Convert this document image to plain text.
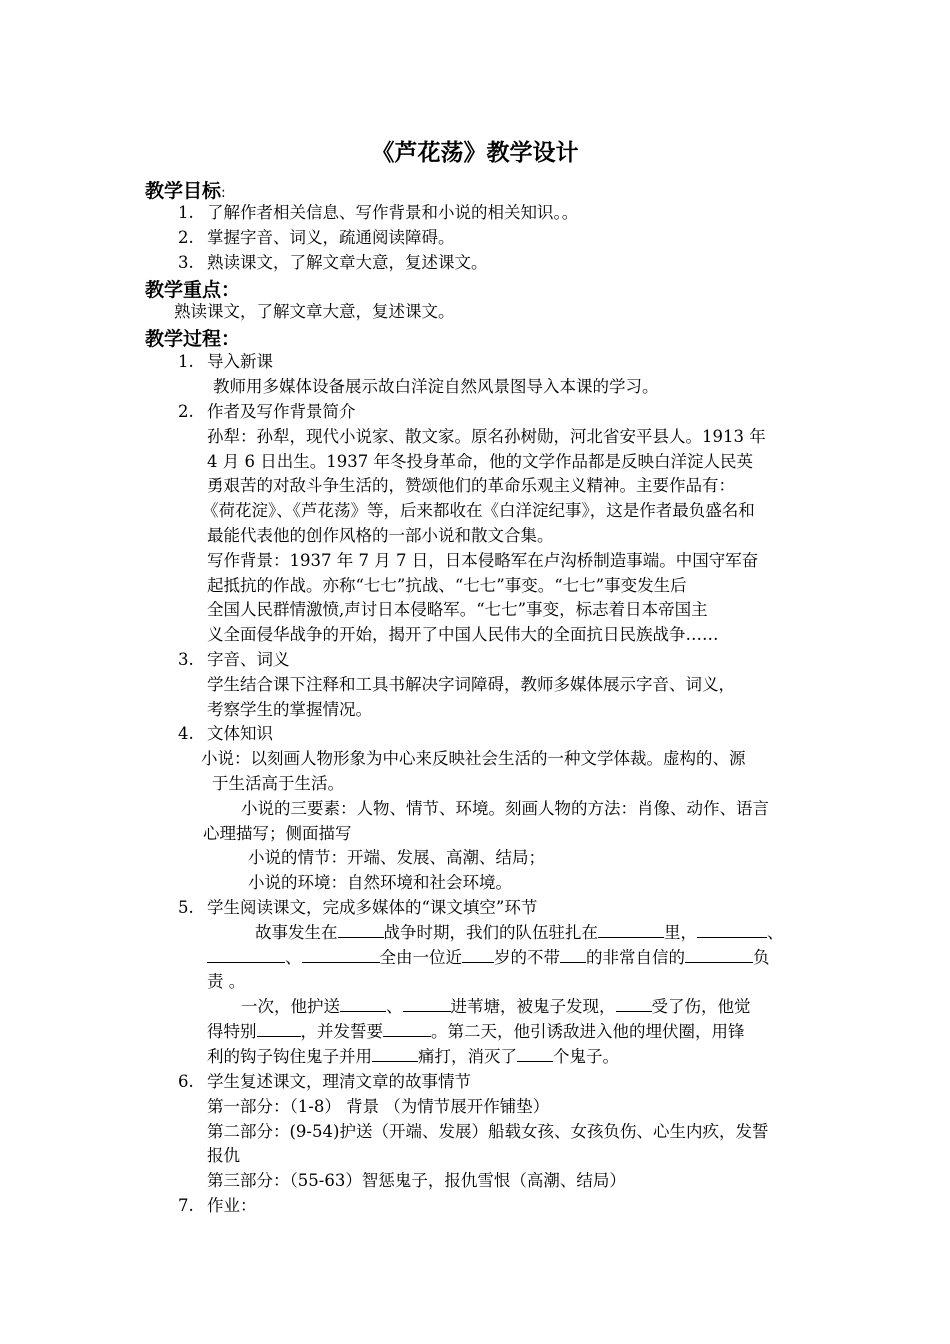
《芦花荡》教学设计
教学目标:
1. 了解作者相关信息、写作背景和小说的相关知识。。
2. 掌握字音、词义，疏通阅读障碍。
3. 熟读课文，了解文章大意，复述课文。
教学重点：
熟读课文，了解文章大意，复述课文。
教学过程：
1. 导入新课
教师用多媒体设备展示故白洋淀自然风景图导入本课的学习。
2. 作者及写作背景简介
孙犁：孙犁，现代小说家、散文家。原名孙树勋，河北省安平县人。1913 年
4 月 6 日出生。1937 年冬投身革命，他的文学作品都是反映白洋淀人民英
勇艰苦的对敌斗争生活的，赞颂他们的革命乐观主义精神。主要作品有：
《荷花淀》、《芦花荡》等，后来都收在《白洋淀纪事》，这是作者最负盛名和
最能代表他的创作风格的一部小说和散文合集。
写作背景：1937 年 7 月 7 日，日本侵略军在卢沟桥制造事端。中国守军奋
起抵抗的作战。亦称“七七”抗战、“七七”事变。“七七”事变发生后
全国人民群情激愤,声讨日本侵略军。“七七”事变，标志着日本帝国主
义全面侵华战争的开始，揭开了中国人民伟大的全面抗日民族战争……
3. 字音、词义
学生结合课下注释和工具书解决字词障碍，教师多媒体展示字音、词义，
考察学生的掌握情况。
4. 文体知识
小说：以刻画人物形象为中心来反映社会生活的一种文学体裁。虚构的、源
于生活高于生活。
小说的三要素：人物、情节、环境。刻画人物的方法：肖像、动作、语言
心理描写；侧面描写
小说的情节：开端、发展、高潮、结局；
小说的环境：自然环境和社会环境。
5. 学生阅读课文，完成多媒体的“课文填空”环节
故事发生在	战争时期，我们的队伍驻扎在	里，	、
、	全由一位近 岁的不带 的非常自信的	负
责 。
一次，他护送	、	进苇塘，被鬼子发现， 受了伤，他觉
得特别	，并发誓要	。第二天，他引诱敌进入他的埋伏圈，用锋
利的钩子钩住鬼子并用	痛打，消灭了 个鬼子。
6. 学生复述课文，理清文章的故事情节
第一部分：（1-8） 背景 （为情节展开作铺垫）
第二部分：(9-54)护送（开端、发展）船载女孩、女孩负伤、心生内疚，发誓
报仇
第三部分：（55-63）智惩鬼子，报仇雪恨（高潮、结局）
7. 作业：
